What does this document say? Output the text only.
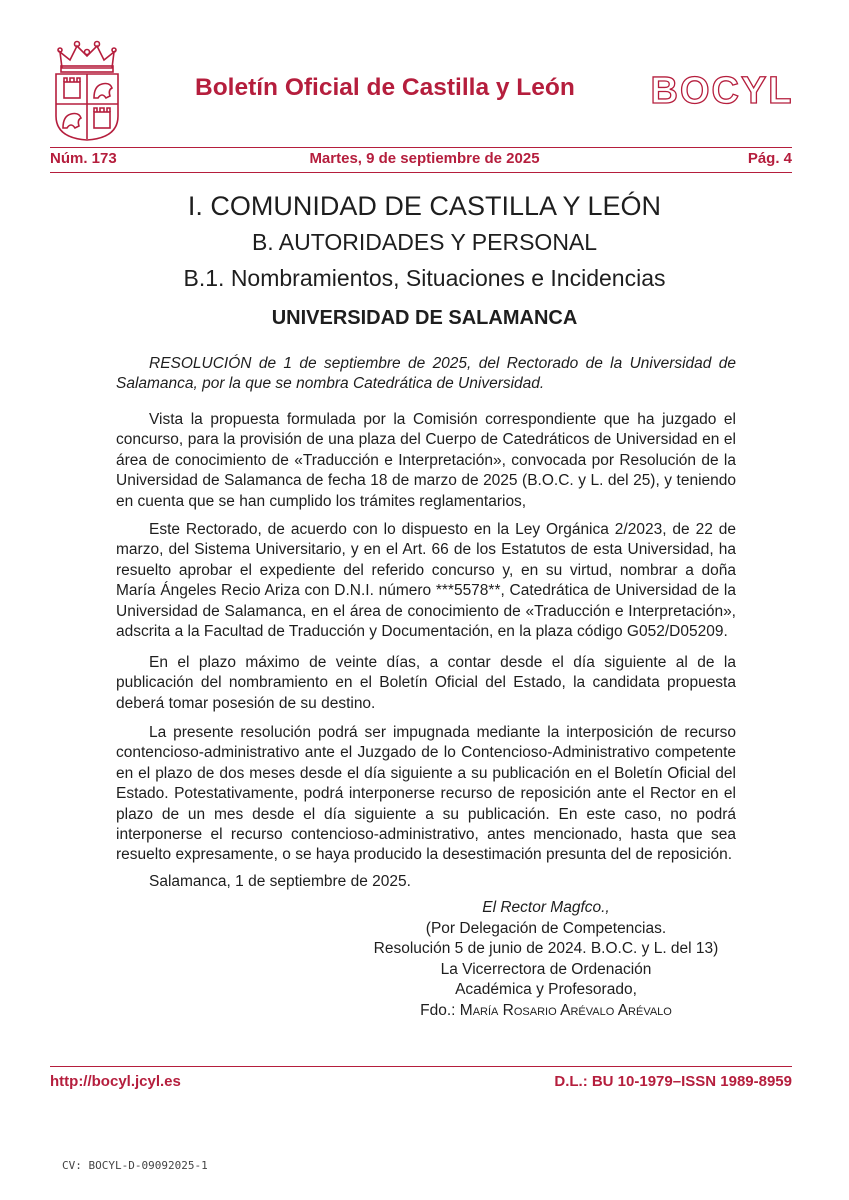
Boletín Oficial de Castilla y León BOCYL
Núm. 173	Martes, 9 de septiembre de 2025	Pág. 4
I. COMUNIDAD DE CASTILLA Y LEÓN
B. AUTORIDADES Y PERSONAL
B.1. Nombramientos, Situaciones e Incidencias
UNIVERSIDAD DE SALAMANCA

RESOLUCIÓN de 1 de septiembre de 2025, del Rectorado de la Universidad de Salamanca, por la que se nombra Catedrática de Universidad.

Vista la propuesta formulada por la Comisión correspondiente que ha juzgado el concurso, para la provisión de una plaza del Cuerpo de Catedráticos de Universidad en el área de conocimiento de «Traducción e Interpretación», convocada por Resolución de la Universidad de Salamanca de fecha 18 de marzo de 2025 (B.O.C. y L. del 25), y teniendo en cuenta que se han cumplido los trámites reglamentarios,

Este Rectorado, de acuerdo con lo dispuesto en la Ley Orgánica 2/2023, de 22 de marzo, del Sistema Universitario, y en el Art. 66 de los Estatutos de esta Universidad, ha resuelto aprobar el expediente del referido concurso y, en su virtud, nombrar a doña María Ángeles Recio Ariza con D.N.I. número ***5578**, Catedrática de Universidad de la Universidad de Salamanca, en el área de conocimiento de «Traducción e Interpretación», adscrita a la Facultad de Traducción y Documentación, en la plaza código G052/D05209.

En el plazo máximo de veinte días, a contar desde el día siguiente al de la publicación del nombramiento en el Boletín Oficial del Estado, la candidata propuesta deberá tomar posesión de su destino.

La presente resolución podrá ser impugnada mediante la interposición de recurso contencioso-administrativo ante el Juzgado de lo Contencioso-Administrativo competente en el plazo de dos meses desde el día siguiente a su publicación en el Boletín Oficial del Estado. Potestativamente, podrá interponerse recurso de reposición ante el Rector en el plazo de un mes desde el día siguiente a su publicación. En este caso, no podrá interponerse el recurso contencioso-administrativo, antes mencionado, hasta que sea resuelto expresamente, o se haya producido la desestimación presunta del de reposición.

Salamanca, 1 de septiembre de 2025.

El Rector Magfco.,
(Por Delegación de Competencias.
Resolución 5 de junio de 2024. B.O.C. y L. del 13)
La Vicerrectora de Ordenación
Académica y Profesorado,
Fdo.: María Rosario Arévalo Arévalo
http://bocyl.jcyl.es	D.L.: BU 10-1979–ISSN 1989-8959
CV: BOCYL-D-09092025-1
